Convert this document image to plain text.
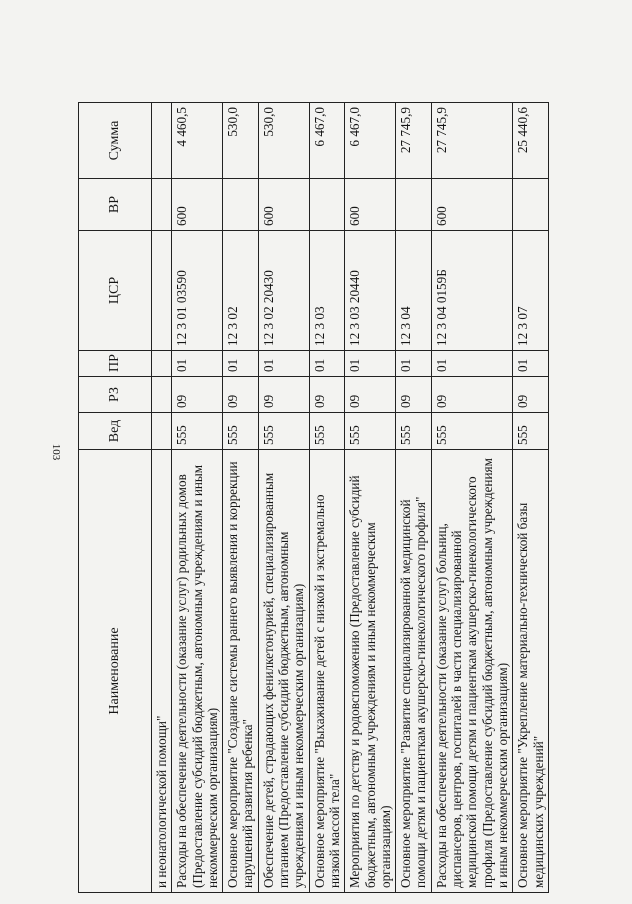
103
Наименование	Вед	РЗ	ПР	ЦСР	ВР	Сумма
и неонатологической помощи"						
Расходы на обеспечение деятельности (оказание услуг) родильных домов (Предоставление субсидий бюджетным, автономным учреждениям и иным некоммерческим организациям)	555	09	01	12 3 01 03590	600	4 460,5
Основное мероприятие "Создание системы раннего выявления и коррекции нарушений развития ребенка"	555	09	01	12 3 02		530,0
Обеспечение детей, страдающих фенилкетонурией, специализированным питанием (Предоставление субсидий бюджетным, автономным учреждениям и иным некоммерческим организациям)	555	09	01	12 3 02 20430	600	530,0
Основное мероприятие "Выхаживание детей с низкой и экстремально низкой массой тела"	555	09	01	12 3 03		6 467,0
Мероприятия по детству и родовспоможению (Предоставление субсидий бюджетным, автономным учреждениям и иным некоммерческим организациям)	555	09	01	12 3 03 20440	600	6 467,0
Основное мероприятие "Развитие специализированной медицинской помощи детям и пациенткам акушерско-гинекологического профиля"	555	09	01	12 3 04		27 745,9
Расходы на обеспечение деятельности (оказание услуг) больниц, диспансеров, центров, госпиталей в части специализированной медицинской помощи детям и пациенткам акушерско-гинекологического профиля (Предоставление субсидий бюджетным, автономным учреждениям и иным некоммерческим организациям)	555	09	01	12 3 04 0159Б	600	27 745,9
Основное мероприятие "Укрепление материально-технической базы медицинских учреждений"	555	09	01	12 3 07		25 440,6
